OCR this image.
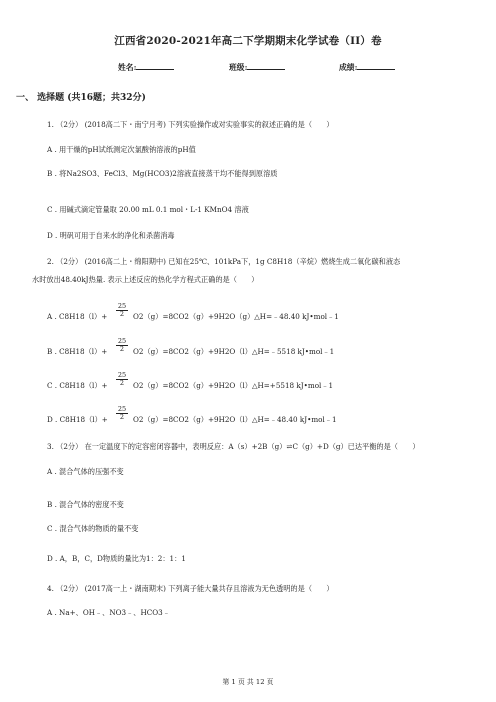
江西省2020-2021年高二下学期期末化学试卷（II）卷
姓名:	班级:	成绩:
一、 选择题 (共16题；共32分)
1. （2分） (2018高二下・南宁月考) 下列实验操作或对实验事实的叙述正确的是（　　）
A . 用干燥的pH试纸测定次氯酸钠溶液的pH值
B . 将Na2SO3、FeCl3、Mg(HCO3)2溶液直接蒸干均不能得到原溶质
C . 用碱式滴定管量取 20.00 mL 0.1 mol・L-1 KMnO4 溶液
D . 明矾可用于自来水的净化和杀菌消毒
2. （2分） (2016高二上・绵阳期中) 已知在25℃、101kPa下，1g C8H18（辛烷）燃烧生成二氧化碳和液态
水时放出48.40kJ热量. 表示上述反应的热化学方程式正确的是（　　）
A . $C8H18(l)+ \frac{25}{2}$ O2（g）=8CO2（g）+9H2O（g）△H=﹣48.40 kJ•mol﹣1
B . $C8H18(l)+ \frac{25}{2}$ O2（g）=8CO2（g）+9H2O（l）△H=﹣5518 kJ•mol﹣1
C . $C8H18(l)+ \frac{25}{2}$ O2（g）=8CO2（g）+9H2O（l）△H=+5518 kJ•mol﹣1
D . $C8H18(l)+ \frac{25}{2}$ O2（g）=8CO2（g）+9H2O（l）△H=﹣48.40 kJ•mol﹣1
3. （2分） 在一定温度下的定容密闭容器中，表明反应：A（s）+2B（g）⇌C（g）+D（g）已达平衡的是（　　）
A . 混合气体的压强不变
B . 混合气体的密度不变
C . 混合气体的物质的量不变
D . A，B，C，D物质的量比为1：2：1：1
4. （2分） (2017高一上・湖南期末) 下列离子能大量共存且溶液为无色透明的是（　　）
A . Na+、OH﹣、NO3﹣、HCO3﹣
第 1 页 共 12 页
